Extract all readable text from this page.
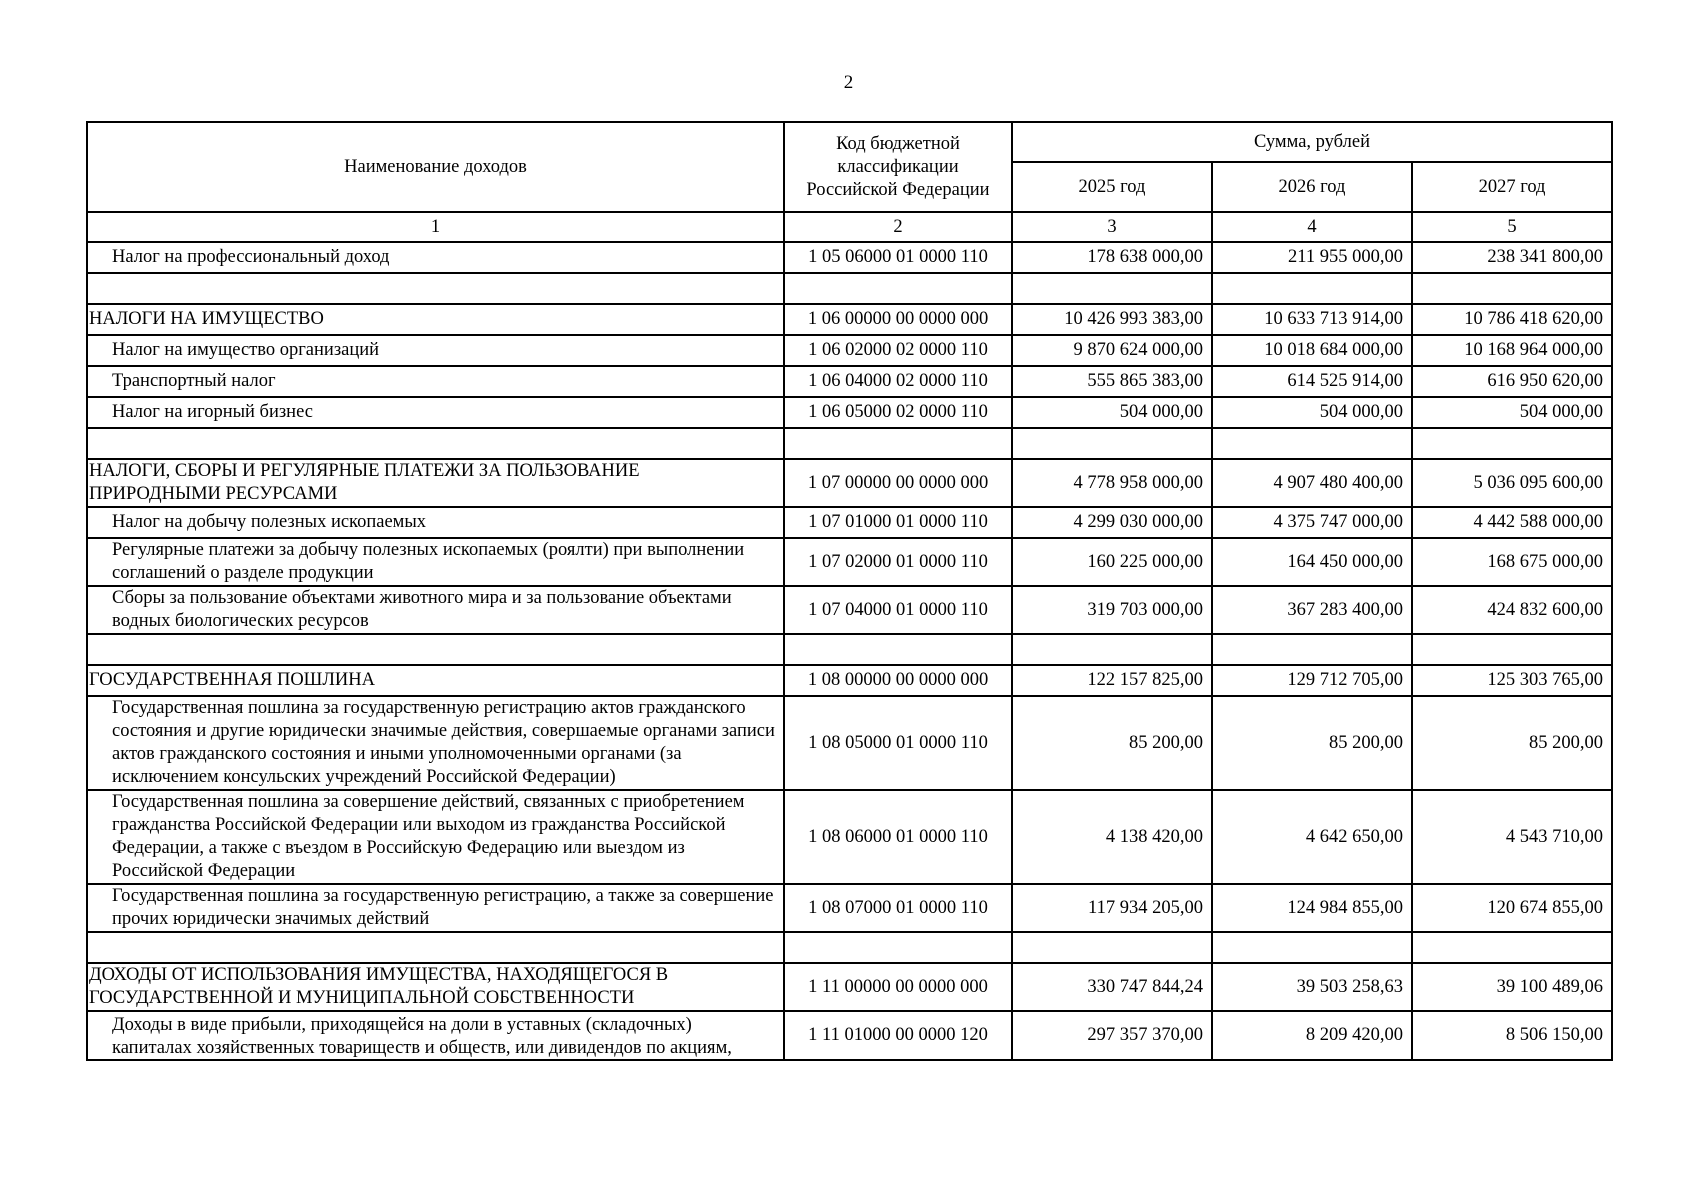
2
Наименование доходов	Код бюджетной классификации Российской Федерации	Сумма, рублей		
		2025 год	2026 год	2027 год
1	2	3	4	5
Налог на профессиональный доход	1 05 06000 01 0000 110	178 638 000,00	211 955 000,00	238 341 800,00

НАЛОГИ НА ИМУЩЕСТВО	1 06 00000 00 0000 000	10 426 993 383,00	10 633 713 914,00	10 786 418 620,00
Налог на имущество организаций	1 06 02000 02 0000 110	9 870 624 000,00	10 018 684 000,00	10 168 964 000,00
Транспортный налог	1 06 04000 02 0000 110	555 865 383,00	614 525 914,00	616 950 620,00
Налог на игорный бизнес	1 06 05000 02 0000 110	504 000,00	504 000,00	504 000,00

НАЛОГИ, СБОРЫ И РЕГУЛЯРНЫЕ ПЛАТЕЖИ ЗА ПОЛЬЗОВАНИЕ ПРИРОДНЫМИ РЕСУРСАМИ	1 07 00000 00 0000 000	4 778 958 000,00	4 907 480 400,00	5 036 095 600,00
Налог на добычу полезных ископаемых	1 07 01000 01 0000 110	4 299 030 000,00	4 375 747 000,00	4 442 588 000,00
Регулярные платежи за добычу полезных ископаемых (роялти) при выполнении соглашений о разделе продукции	1 07 02000 01 0000 110	160 225 000,00	164 450 000,00	168 675 000,00
Сборы за пользование объектами животного мира и за пользование объектами водных биологических ресурсов	1 07 04000 01 0000 110	319 703 000,00	367 283 400,00	424 832 600,00

ГОСУДАРСТВЕННАЯ ПОШЛИНА	1 08 00000 00 0000 000	122 157 825,00	129 712 705,00	125 303 765,00
Государственная пошлина за государственную регистрацию актов гражданского состояния и другие юридически значимые действия, совершаемые органами записи актов гражданского состояния и иными уполномоченными органами (за исключением консульских учреждений Российской Федерации)	1 08 05000 01 0000 110	85 200,00	85 200,00	85 200,00
Государственная пошлина за совершение действий, связанных с приобретением гражданства Российской Федерации или выходом из гражданства Российской Федерации, а также с въездом в Российскую Федерацию или выездом из Российской Федерации	1 08 06000 01 0000 110	4 138 420,00	4 642 650,00	4 543 710,00
Государственная пошлина за государственную регистрацию, а также за совершение прочих юридически значимых действий	1 08 07000 01 0000 110	117 934 205,00	124 984 855,00	120 674 855,00

ДОХОДЫ ОТ ИСПОЛЬЗОВАНИЯ ИМУЩЕСТВА, НАХОДЯЩЕГОСЯ В ГОСУДАРСТВЕННОЙ И МУНИЦИПАЛЬНОЙ СОБСТВЕННОСТИ	1 11 00000 00 0000 000	330 747 844,24	39 503 258,63	39 100 489,06

Доходы в виде прибыли, приходящейся на доли в уставных (складочных) капиталах хозяйственных товариществ и обществ, или дивидендов по акциям,	1 11 01000 00 0000 120	297 357 370,00	8 209 420,00	8 506 150,00
